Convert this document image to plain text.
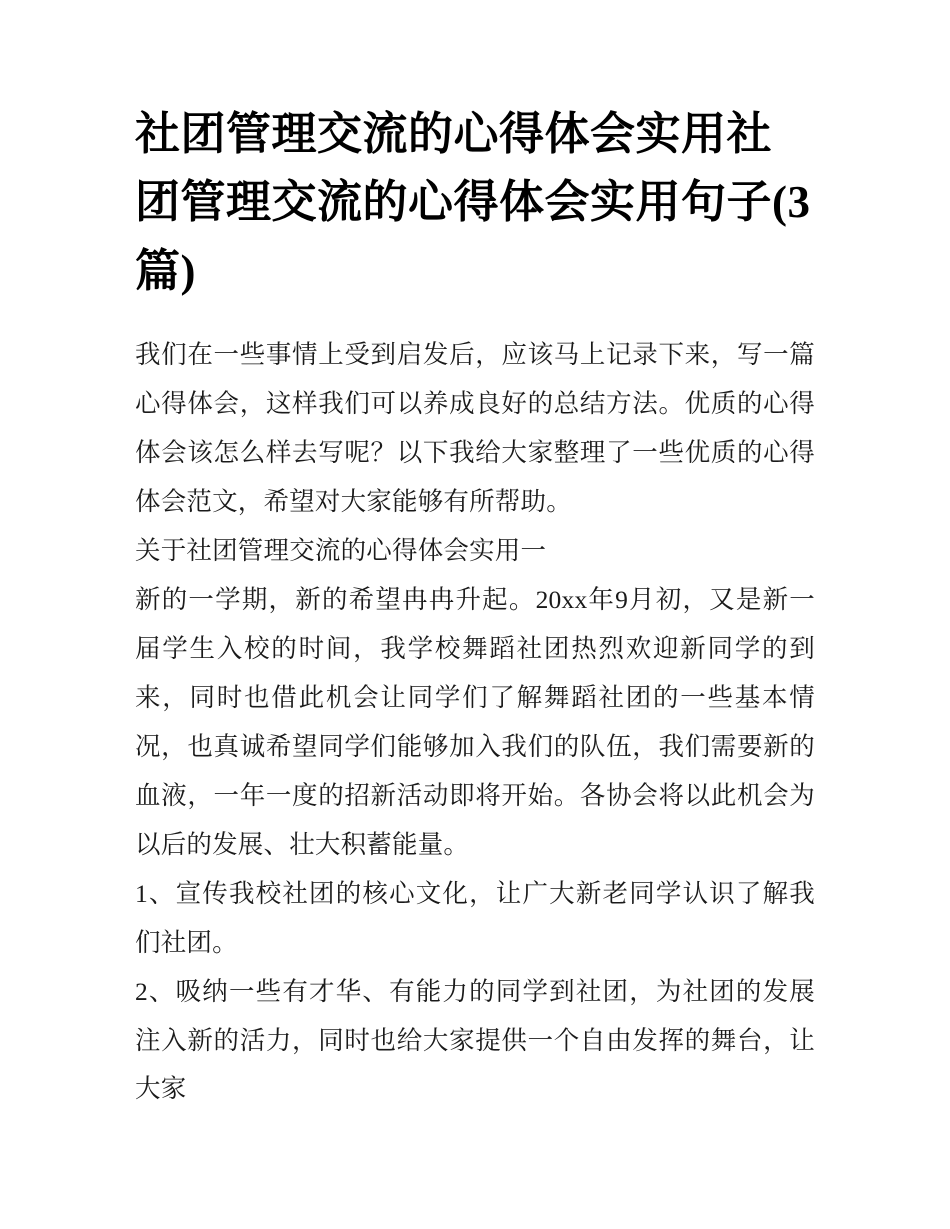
社团管理交流的心得体会实用社团管理交流的心得体会实用句子(3篇)

我们在一些事情上受到启发后，应该马上记录下来，写一篇心得体会，这样我们可以养成良好的总结方法。优质的心得体会该怎么样去写呢？以下我给大家整理了一些优质的心得体会范文，希望对大家能够有所帮助。

关于社团管理交流的心得体会实用一

新的一学期，新的希望冉冉升起。20xx年9月初，又是新一届学生入校的时间，我学校舞蹈社团热烈欢迎新同学的到来，同时也借此机会让同学们了解舞蹈社团的一些基本情况，也真诚希望同学们能够加入我们的队伍，我们需要新的血液，一年一度的招新活动即将开始。各协会将以此机会为以后的发展、壮大积蓄能量。

1、宣传我校社团的核心文化，让广大新老同学认识了解我们社团。

2、吸纳一些有才华、有能力的同学到社团，为社团的发展注入新的活力，同时也给大家提供一个自由发挥的舞台，让大家
